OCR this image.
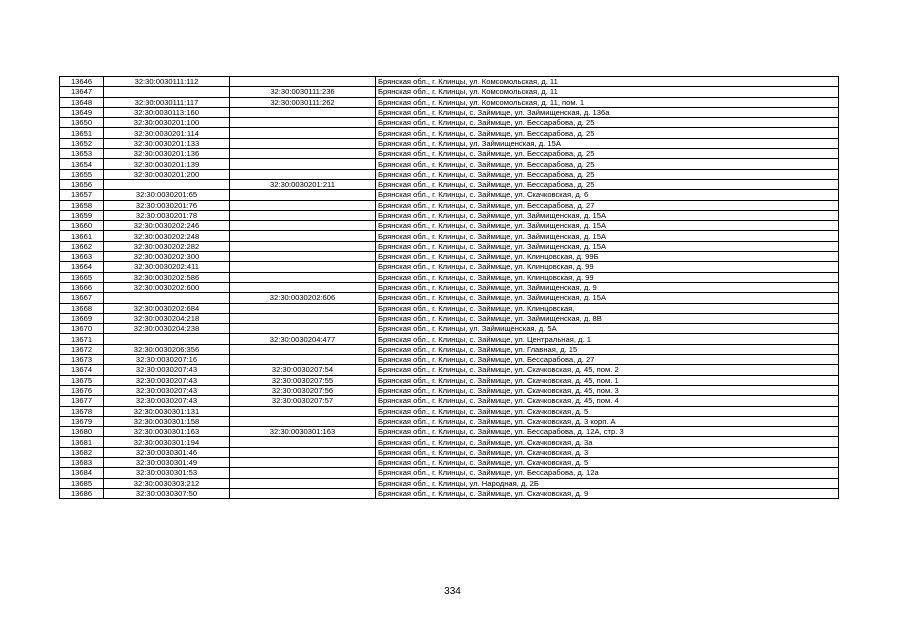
13646	32:30:0030111:112		Брянская обл., г. Клинцы, ул. Комсомольская, д. 11
13647		32:30:0030111:236	Брянская обл., г. Клинцы, ул. Комсомольская, д. 11
13648	32:30:0030111:117	32:30:0030111:262	Брянская обл., г. Клинцы, ул. Комсомольская, д. 11, пом. 1
13649	32:30:0030113:160		Брянская обл., г. Клинцы, с. Займище, ул. Займищенская, д. 136а
13650	32:30:0030201:100		Брянская обл., г. Клинцы, с. Займище, ул. Бессарабова, д. 25
13651	32:30:0030201:114		Брянская обл., г. Клинцы, с. Займище, ул. Бессарабова, д. 25
13652	32:30:0030201:133		Брянская обл., г. Клинцы, ул. Займищенская, д. 15А
13653	32:30:0030201:136		Брянская обл., г. Клинцы, с. Займище, ул. Бессарабова, д. 25
13654	32:30:0030201:139		Брянская обл., г. Клинцы, с. Займище, ул. Бессарабова, д. 25
13655	32:30:0030201:200		Брянская обл., г. Клинцы, с. Займище, ул. Бессарабова, д. 25
13656		32:30:0030201:211	Брянская обл., г. Клинцы, с. Займище, ул. Бессарабова, д. 25
13657	32:30:0030201:65		Брянская обл., г. Клинцы, с. Займище, ул. Скачковская, д. 6
13658	32:30:0030201:76		Брянская обл., г. Клинцы, с. Займище, ул. Бессарабова, д. 27
13659	32:30:0030201:78		Брянская обл., г. Клинцы, с. Займище, ул. Займищенская, д. 15А
13660	32:30:0030202:246		Брянская обл., г. Клинцы, с. Займище, ул. Займищенская, д. 15А
13661	32:30:0030202:248		Брянская обл., г. Клинцы, с. Займище, ул. Займищенская, д. 15А
13662	32:30:0030202:282		Брянская обл., г. Клинцы, с. Займище, ул. Займищенская, д. 15А
13663	32:30:0030202:300		Брянская обл., г. Клинцы, с. Займище, ул. Клинцовская, д. 99Б
13664	32:30:0030202:411		Брянская обл., г. Клинцы, с. Займище, ул. Клинцовская, д. 99
13665	32:30:0030202:586		Брянская обл., г. Клинцы, с. Займище, ул. Клинцовская, д. 99
13666	32:30:0030202:600		Брянская обл., г. Клинцы, с. Займище, ул. Займищенская, д. 9
13667		32:30:0030202:606	Брянская обл., г. Клинцы, с. Займище, ул. Займищенская, д. 15А
13668	32:30:0030202:684		Брянская обл., г. Клинцы, с. Займище, ул. Клинцовская,
13669	32:30:0030204:218		Брянская обл., г. Клинцы, с. Займище, ул. Займищенская, д. 8В
13670	32:30:0030204:238		Брянская обл., г. Клинцы, ул. Займищенская, д. 5А
13671		32:30:0030204:477	Брянская обл., г. Клинцы, с. Займище, ул. Центральная, д. 1
13672	32:30:0030206:356		Брянская обл., г. Клинцы, с. Займище, ул. Главная, д. 15
13673	32:30:0030207:16		Брянская обл., г. Клинцы, с. Займище, ул. Бессарабова, д. 27
13674	32:30:0030207:43	32:30:0030207:54	Брянская обл., г. Клинцы, с. Займище, ул. Скачковская, д. 45, пом. 2
13675	32:30:0030207:43	32:30:0030207:55	Брянская обл., г. Клинцы, с. Займище, ул. Скачковская, д. 45, пом. 1
13676	32:30:0030207:43	32:30:0030207:56	Брянская обл., г. Клинцы, с. Займище, ул. Скачковская, д. 45, пом. 3
13677	32:30:0030207:43	32:30:0030207:57	Брянская обл., г. Клинцы, с. Займище, ул. Скачковская, д. 45, пом. 4
13678	32:30:0030301:131		Брянская обл., г. Клинцы, с. Займище, ул. Скачковская, д. 5
13679	32:30:0030301:158		Брянская обл., г. Клинцы, с. Займище, ул. Скачковская, д. 3 корп. А
13680	32:30:0030301:163	32:30:0030301:163	Брянская обл., г. Клинцы, с. Займище, ул. Бессарабова, д. 12А, стр. 3
13681	32:30:0030301:194		Брянская обл., г. Клинцы, с. Займище, ул. Скачковская, д. 3а
13682	32:30:0030301:46		Брянская обл., г. Клинцы, с. Займище, ул. Скачковская, д. 3
13683	32:30:0030301:49		Брянская обл., г. Клинцы, с. Займище, ул. Скачковская, д. 5
13684	32:30:0030301:53		Брянская обл., г. Клинцы, с. Займище, ул. Бессарабова, д. 12а
13685	32:30:0030303:212		Брянская обл., г. Клинцы, ул. Народная, д. 2Б
13686	32:30:0030307:50		Брянская обл., г. Клинцы, с. Займище, ул. Скачковская, д. 9
334
